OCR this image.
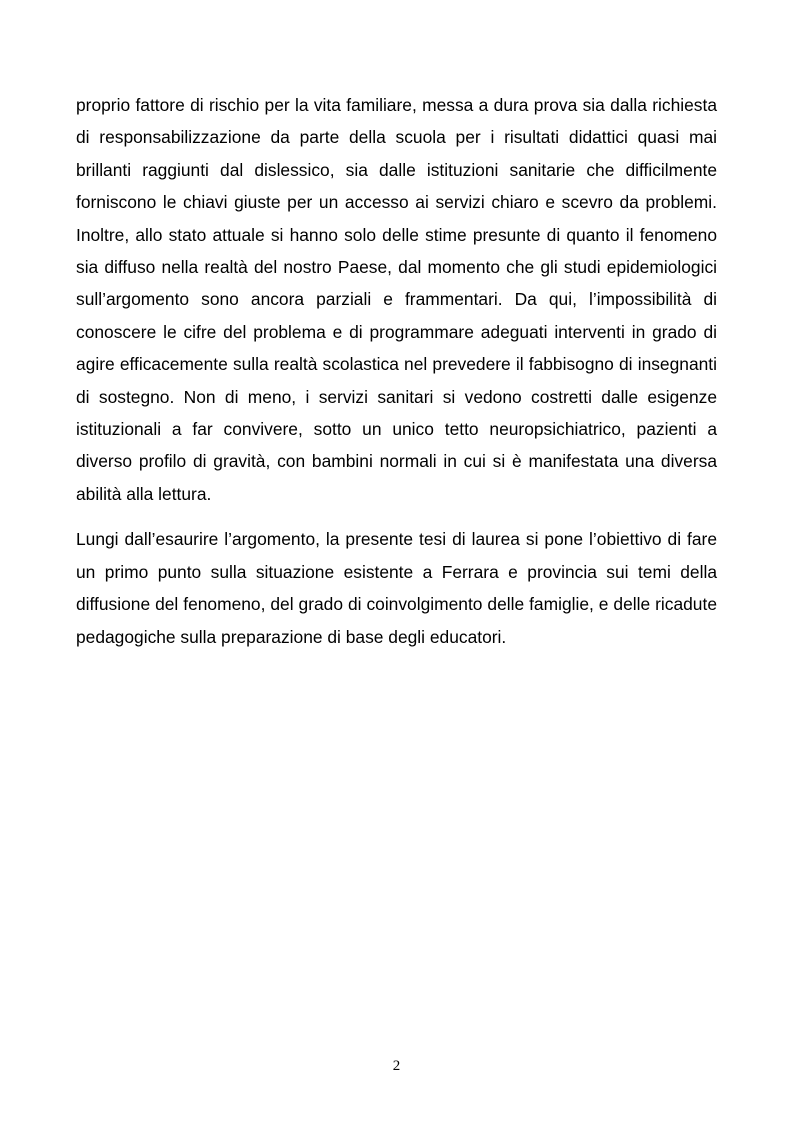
proprio fattore di rischio per la vita familiare, messa a dura prova sia dalla richiesta di responsabilizzazione da parte della scuola per i risultati didattici quasi mai brillanti raggiunti dal dislessico, sia dalle istituzioni sanitarie che difficilmente forniscono le chiavi giuste per un accesso ai servizi chiaro e scevro da problemi. Inoltre, allo stato attuale si hanno solo delle stime presunte di quanto il fenomeno sia diffuso nella realtà del nostro Paese, dal momento che gli studi epidemiologici sull’argomento sono ancora parziali e frammentari. Da qui, l’impossibilità di conoscere le cifre del problema e di programmare adeguati interventi in grado di agire efficacemente sulla realtà scolastica nel prevedere il fabbisogno di insegnanti di sostegno. Non di meno, i servizi sanitari si vedono costretti dalle esigenze istituzionali a far convivere, sotto un unico tetto neuropsichiatrico, pazienti a diverso profilo di gravità, con bambini normali in cui si è manifestata una diversa abilità alla lettura.

Lungi dall’esaurire l’argomento, la presente tesi di laurea si pone l’obiettivo di fare un primo punto sulla situazione esistente a Ferrara e provincia sui temi della diffusione del fenomeno, del grado di coinvolgimento delle famiglie, e delle ricadute pedagogiche sulla preparazione di base degli educatori.

2
